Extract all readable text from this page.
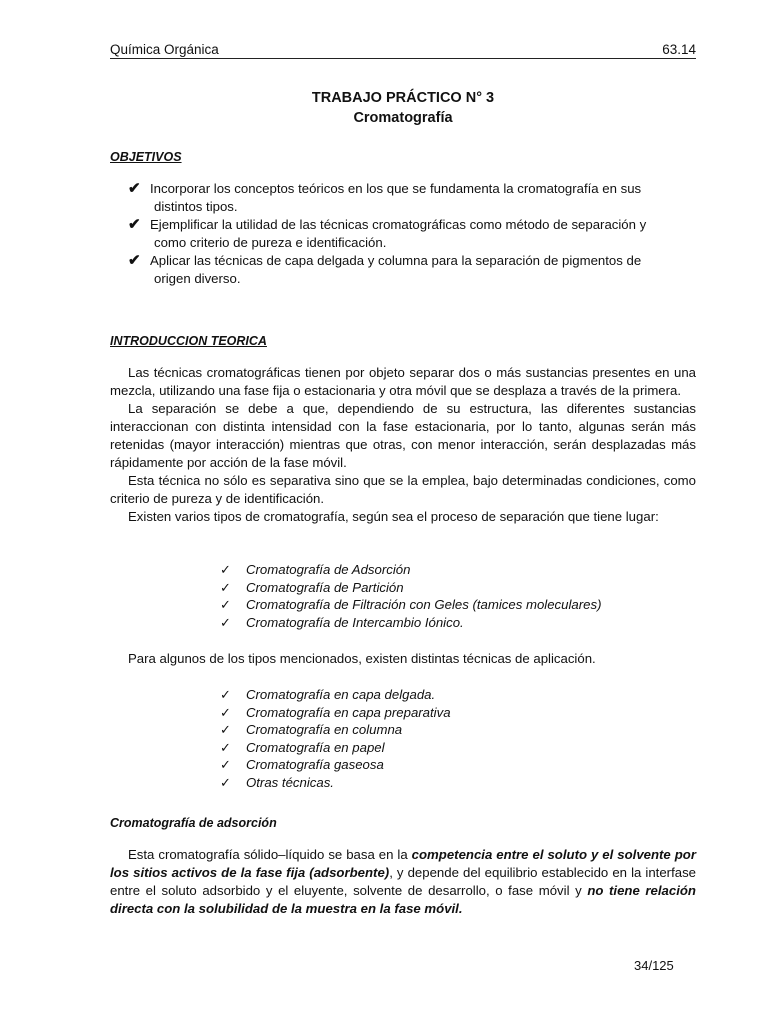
Química Orgánica	63.14
TRABAJO PRÁCTICO N° 3
Cromatografía
OBJETIVOS
✔ Incorporar los conceptos teóricos en los que se fundamenta la cromatografía en sus
distintos tipos.
✔ Ejemplificar la utilidad de las técnicas cromatográficas como método de separación y
como criterio de pureza e identificación.
✔ Aplicar las técnicas de capa delgada y columna para la separación de pigmentos de
origen diverso.
INTRODUCCION TEORICA

Las técnicas cromatográficas tienen por objeto separar dos o más sustancias presentes en una mezcla, utilizando una fase fija o estacionaria y otra móvil que se desplaza a través de la primera.

La separación se debe a que, dependiendo de su estructura, las diferentes sustancias interaccionan con distinta intensidad con la fase estacionaria, por lo tanto, algunas serán más retenidas (mayor interacción) mientras que otras, con menor interacción, serán desplazadas más rápidamente por acción de la fase móvil.

Esta técnica no sólo es separativa sino que se la emplea, bajo determinadas condiciones, como criterio de pureza y de identificación.

Existen varios tipos de cromatografía, según sea el proceso de separación que tiene lugar:

✓	Cromatografía de Adsorción
✓	Cromatografía de Partición
✓	Cromatografía de Filtración con Geles (tamices moleculares)
✓	Cromatografía de Intercambio Iónico.
Para algunos de los tipos mencionados, existen distintas técnicas de aplicación.
✓	Cromatografía en capa delgada.
✓	Cromatografía en capa preparativa
✓	Cromatografía en columna
✓	Cromatografía en papel
✓	Cromatografía gaseosa
✓	Otras técnicas.
Cromatografía de adsorción

Esta cromatografía sólido–líquido se basa en la competencia entre el soluto y el solvente por los sitios activos de la fase fija (adsorbente), y depende del equilibrio establecido en la interfase entre el soluto adsorbido y el eluyente, solvente de desarrollo, o fase móvil y no tiene relación directa con la solubilidad de la muestra en la fase móvil.

34/125
